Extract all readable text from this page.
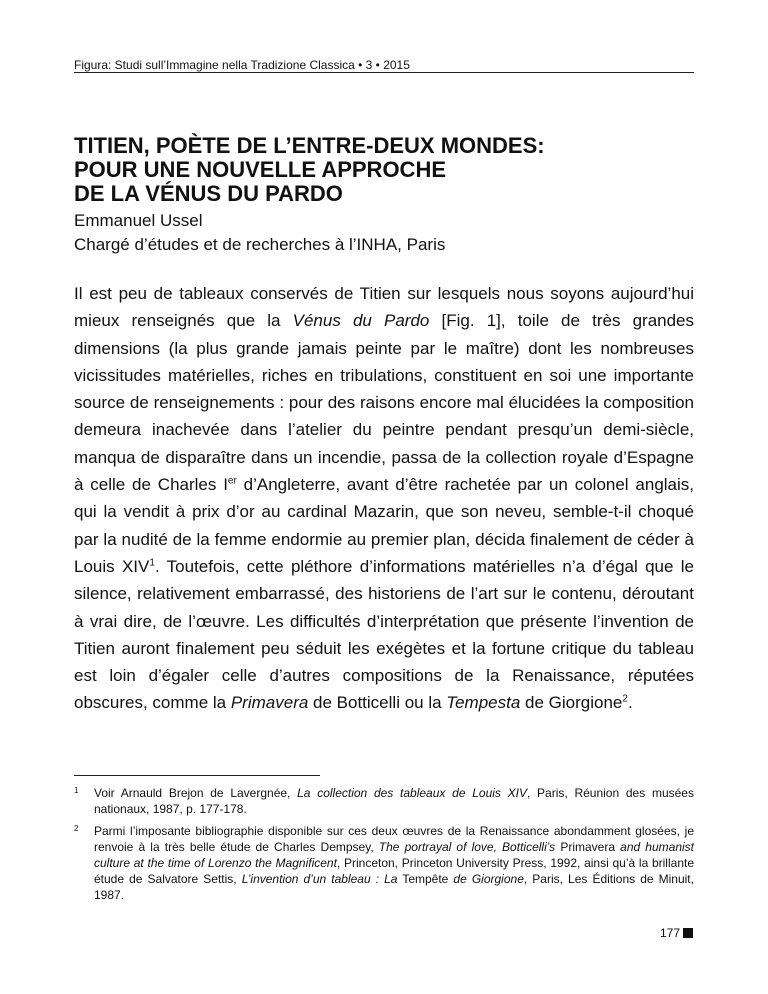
Figura: Studi sull’Immagine nella Tradizione Classica • 3 • 2015
TITIEN, POÈTE DE L’ENTRE-DEUX MONDES:
POUR UNE NOUVELLE APPROCHE
DE LA VÉNUS DU PARDO
Emmanuel Ussel
Chargé d’études et de recherches à l’INHA, Paris

Il est peu de tableaux conservés de Titien sur lesquels nous soyons aujourd’hui mieux renseignés que la Vénus du Pardo [Fig. 1], toile de très grandes dimensions (la plus grande jamais peinte par le maître) dont les nombreuses vicissitudes matérielles, riches en tribulations, constituent en soi une importante source de renseignements : pour des raisons encore mal élucidées la composition demeura inachevée dans l’atelier du peintre pendant presqu’un demi-siècle, manqua de disparaître dans un incendie, passa de la collection royale d’Espagne à celle de Charles Ier d’Angleterre, avant d’être rachetée par un colonel anglais, qui la vendit à prix d’or au cardinal Mazarin, que son neveu, semble-t-il choqué par la nudité de la femme endormie au premier plan, décida finalement de céder à Louis XIV$^1$. Toutefois, cette pléthore d’informations matérielles n’a d’égal que le silence, relativement embarrassé, des historiens de l’art sur le contenu, déroutant à vrai dire, de l’œuvre. Les difficultés d’interprétation que présente l’invention de Titien auront finalement peu séduit les exégètes et la fortune critique du tableau est loin d’égaler celle d’autres compositions de la Renaissance, réputées obscures, comme la Primavera de Botticelli ou la Tempesta de Giorgione$^2$.

1 Voir Arnauld Brejon de Lavergnée, La collection des tableaux de Louis XIV, Paris, Réunion des musées nationaux, 1987, p. 177-178.
2 Parmi l’imposante bibliographie disponible sur ces deux œuvres de la Renaissance abondamment glosées, je renvoie à la très belle étude de Charles Dempsey, The portrayal of love, Botticelli’s Primavera and humanist culture at the time of Lorenzo the Magnificent, Princeton, Princeton University Press, 1992, ainsi qu’à la brillante étude de Salvatore Settis, L’invention d’un tableau : La Tempête de Giorgione, Paris, Les Éditions de Minuit, 1987.
177
